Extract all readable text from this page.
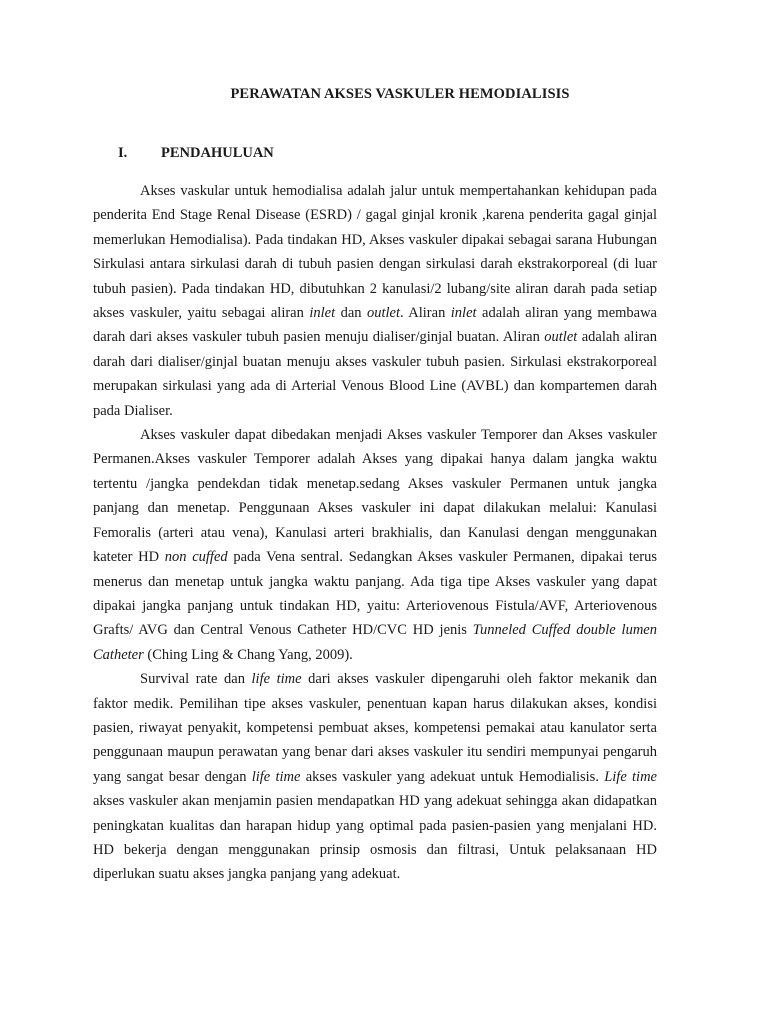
PERAWATAN AKSES VASKULER HEMODIALISIS
I.	PENDAHULUAN

Akses vaskular untuk hemodialisa adalah jalur untuk mempertahankan kehidupan pada penderita End Stage Renal Disease (ESRD) / gagal ginjal kronik ,karena penderita gagal ginjal memerlukan Hemodialisa). Pada tindakan HD, Akses vaskuler dipakai sebagai sarana Hubungan Sirkulasi antara sirkulasi darah di tubuh pasien dengan sirkulasi darah ekstrakorporeal (di luar tubuh pasien). Pada tindakan HD, dibutuhkan 2 kanulasi/2 lubang/site aliran darah pada setiap akses vaskuler, yaitu sebagai aliran inlet dan outlet. Aliran inlet adalah aliran yang membawa darah dari akses vaskuler tubuh pasien menuju dialiser/ginjal buatan. Aliran outlet adalah aliran darah dari dialiser/ginjal buatan menuju akses vaskuler tubuh pasien. Sirkulasi ekstrakorporeal merupakan sirkulasi yang ada di Arterial Venous Blood Line (AVBL) dan kompartemen darah pada Dialiser.

Akses vaskuler dapat dibedakan menjadi Akses vaskuler Temporer dan Akses vaskuler Permanen.Akses vaskuler Temporer adalah Akses yang dipakai hanya dalam jangka waktu tertentu /jangka pendekdan tidak menetap.sedang Akses vaskuler Permanen untuk jangka panjang dan menetap. Penggunaan Akses vaskuler ini dapat dilakukan melalui: Kanulasi Femoralis (arteri atau vena), Kanulasi arteri brakhialis, dan Kanulasi dengan menggunakan kateter HD non cuffed pada Vena sentral. Sedangkan Akses vaskuler Permanen, dipakai terus menerus dan menetap untuk jangka waktu panjang. Ada tiga tipe Akses vaskuler yang dapat dipakai jangka panjang untuk tindakan HD, yaitu: Arteriovenous Fistula/AVF, Arteriovenous Grafts/ AVG dan Central Venous Catheter HD/CVC HD jenis Tunneled Cuffed double lumen Catheter (Ching Ling & Chang Yang, 2009).

Survival rate dan life time dari akses vaskuler dipengaruhi oleh faktor mekanik dan faktor medik. Pemilihan tipe akses vaskuler, penentuan kapan harus dilakukan akses, kondisi pasien, riwayat penyakit, kompetensi pembuat akses, kompetensi pemakai atau kanulator serta penggunaan maupun perawatan yang benar dari akses vaskuler itu sendiri mempunyai pengaruh yang sangat besar dengan life time akses vaskuler yang adekuat untuk Hemodialisis. Life time akses vaskuler akan menjamin pasien mendapatkan HD yang adekuat sehingga akan didapatkan peningkatan kualitas dan harapan hidup yang optimal pada pasien-pasien yang menjalani HD. HD bekerja dengan menggunakan prinsip osmosis dan filtrasi, Untuk pelaksanaan HD diperlukan suatu akses jangka panjang yang adekuat.
